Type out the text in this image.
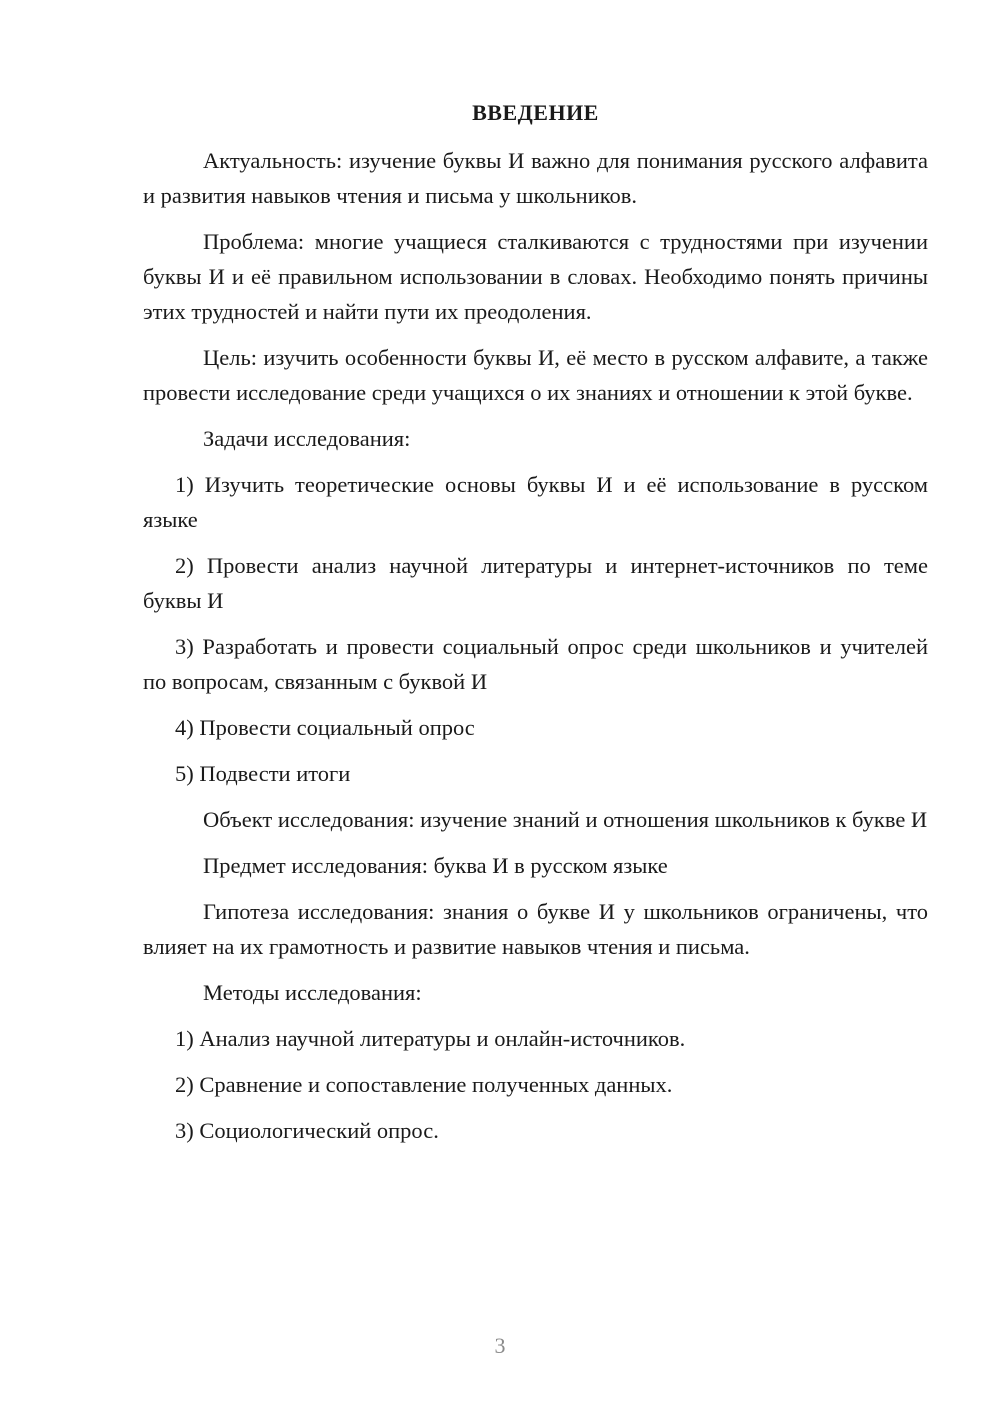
ВВЕДЕНИЕ

Актуальность: изучение буквы И важно для понимания русского алфавита и развития навыков чтения и письма у школьников.

Проблема: многие учащиеся сталкиваются с трудностями при изучении буквы И и её правильном использовании в словах. Необходимо понять причины этих трудностей и найти пути их преодоления.

Цель: изучить особенности буквы И, её место в русском алфавите, а также провести исследование среди учащихся о их знаниях и отношении к этой букве.

Задачи исследования:

1) Изучить теоретические основы буквы И и её использование в русском языке

2) Провести анализ научной литературы и интернет-источников по теме буквы И

3) Разработать и провести социальный опрос среди школьников и учителей по вопросам, связанным с буквой И

4) Провести социальный опрос

5) Подвести итоги

Объект исследования: изучение знаний и отношения школьников к букве И

Предмет исследования: буква И в русском языке

Гипотеза исследования: знания о букве И у школьников ограничены, что влияет на их грамотность и развитие навыков чтения и письма.

Методы исследования:

1) Анализ научной литературы и онлайн-источников.

2) Сравнение и сопоставление полученных данных.

3) Социологический опрос.

3
